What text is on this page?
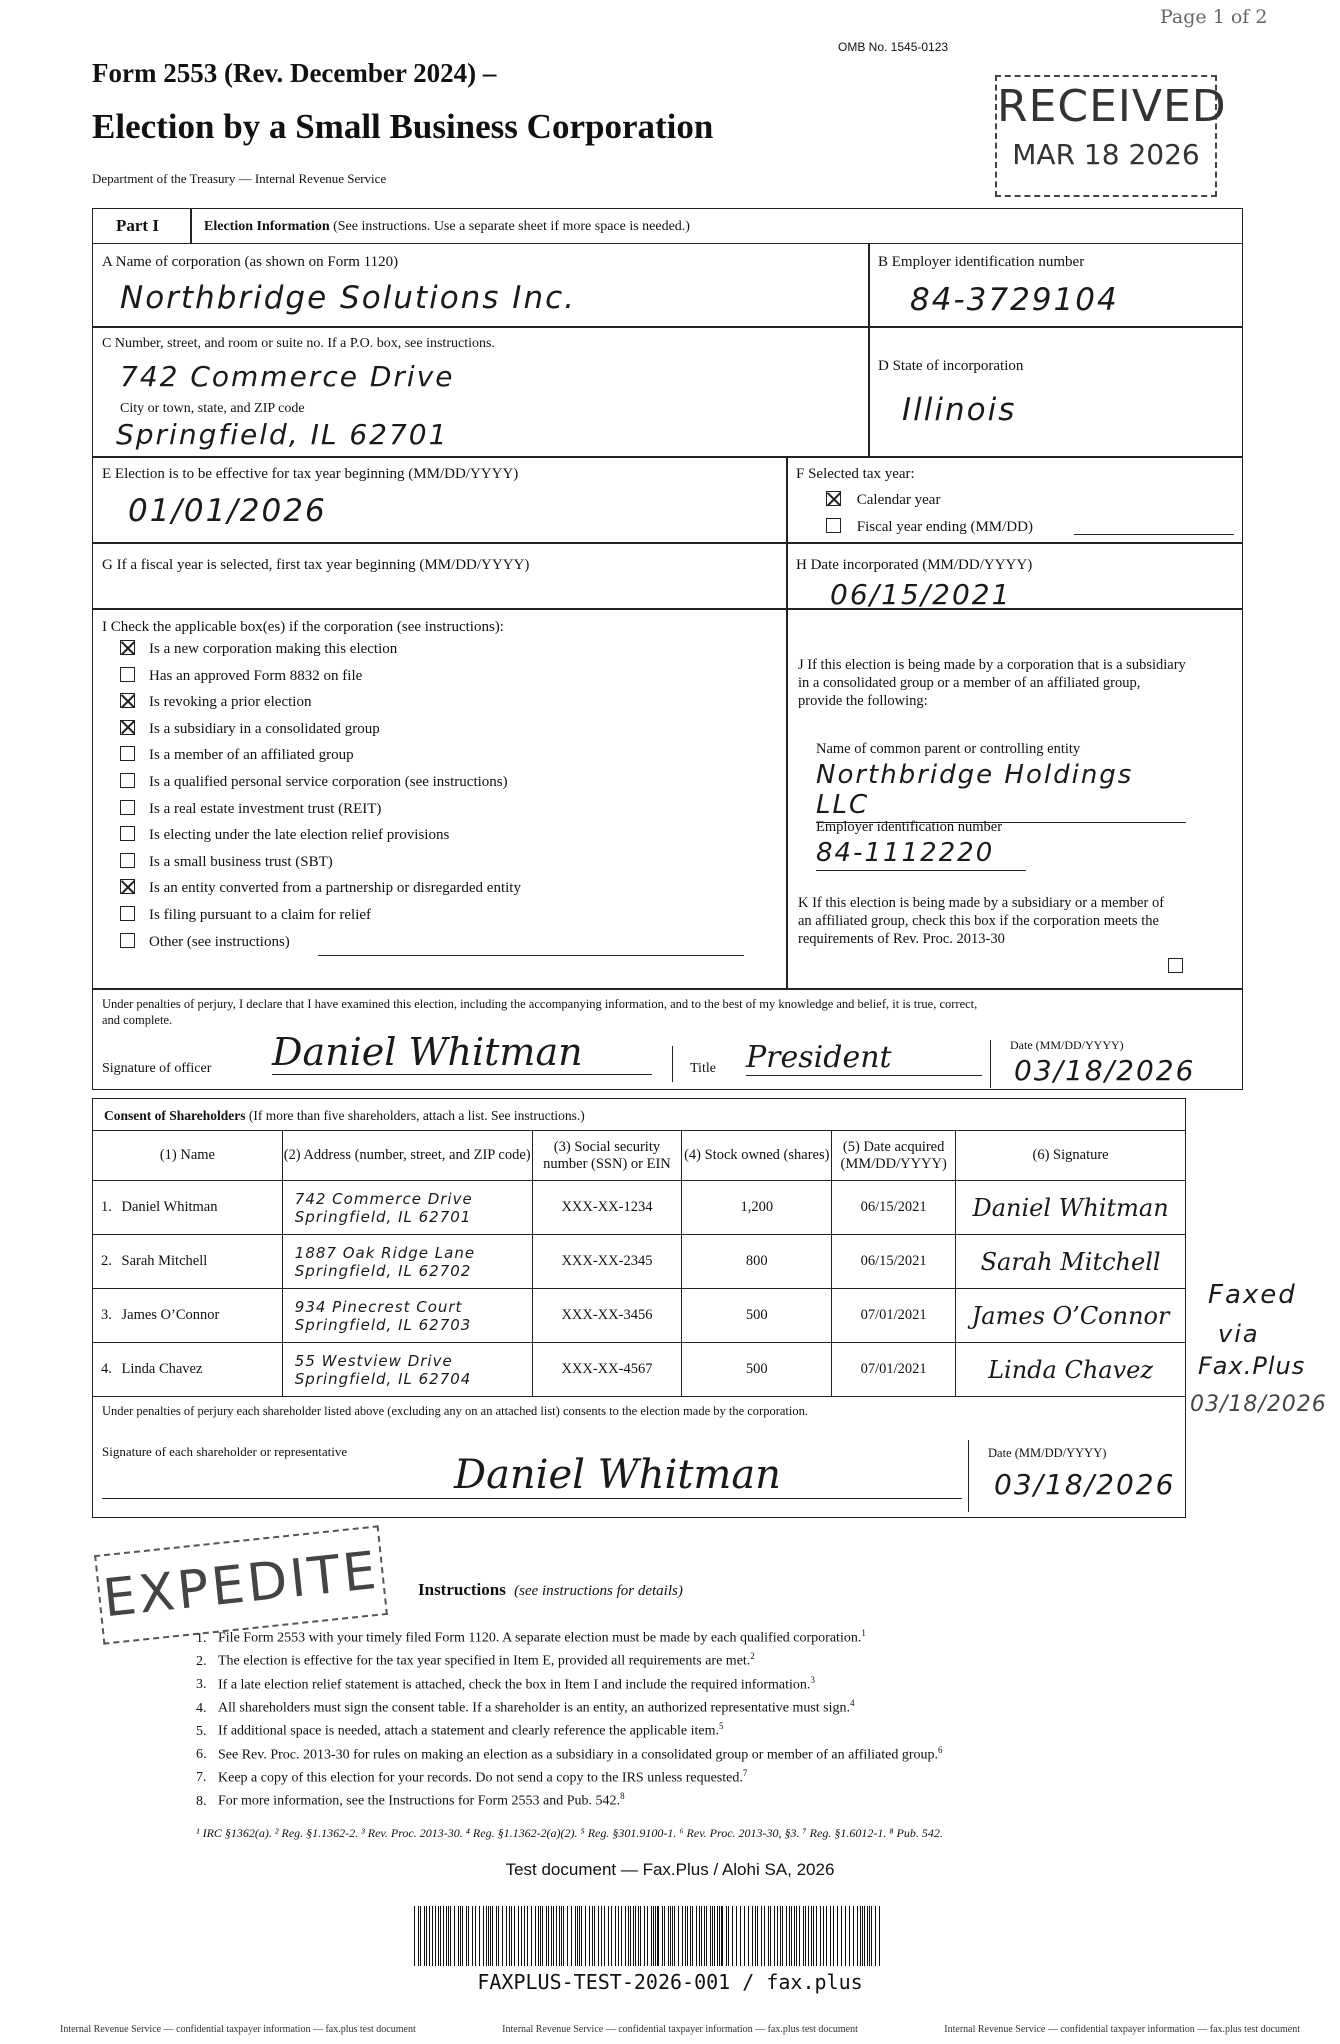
Page 1 of 2
OMB No. 1545-0123
Form 2553 (Rev. December 2024) –
Election by a Small Business Corporation
Department of the Treasury — Internal Revenue Service
RECEIVED
MAR 18 2026
Part I	Election Information (See instructions. Use a separate sheet if more space is needed.)
A Name of corporation (as shown on Form 1120)
Northbridge Solutions Inc.
B Employer identification number
84-3729104
C Number, street, and room or suite no. If a P.O. box, see instructions.
742 Commerce Drive
City or town, state, and ZIP code
Springfield, IL 62701
D State of incorporation
Illinois
E Election is to be effective for tax year beginning (MM/DD/YYYY)
01/01/2026
F Selected tax year:
Calendar year
Fiscal year ending (MM/DD)
G If a fiscal year is selected, first tax year beginning (MM/DD/YYYY)	H Date incorporated (MM/DD/YYYY)
06/15/2021
I Check the applicable box(es) if the corporation (see instructions):
Is a new corporation making this election
Has an approved Form 8832 on file
Is revoking a prior election
Is a subsidiary in a consolidated group
Is a member of an affiliated group
Is a qualified personal service corporation (see instructions)
Is a real estate investment trust (REIT)
Is electing under the late election relief provisions
Is a small business trust (SBT)
Is an entity converted from a partnership or disregarded entity
Is filing pursuant to a claim for relief
Other (see instructions)
J If this election is being made by a corporation that is a subsidiary in a consolidated group or a member of an affiliated group, provide the following:
Name of common parent or controlling entity
Northbridge Holdings LLC
Employer identification number
84-1112220
K If this election is being made by a subsidiary or a member of an affiliated group, check this box if the corporation meets the requirements of Rev. Proc. 2013-30
Under penalties of perjury, I declare that I have examined this election, including the accompanying information, and to the best of my knowledge and belief, it is true, correct, and complete.
Signature of officer Daniel Whitman	Title President	Date (MM/DD/YYYY)
03/18/2026
Consent of Shareholders (If more than five shareholders, attach a list. See instructions.)
(1) Name	(2) Address (number, street, and ZIP code)	(3) Social security number (SSN) or EIN	(4) Stock owned (shares)	(5) Date acquired (MM/DD/YYYY)	(6) Signature
1. Daniel Whitman	742 Commerce Drive
Springfield, IL 62701	XXX-XX-1234	1,200	06/15/2021	Daniel Whitman
2. Sarah Mitchell	1887 Oak Ridge Lane
Springfield, IL 62702	XXX-XX-2345	800	06/15/2021	Sarah Mitchell
3. James O’Connor	934 Pinecrest Court
Springfield, IL 62703	XXX-XX-3456	500	07/01/2021	James O’Connor
4. Linda Chavez	55 Westview Drive
Springfield, IL 62704	XXX-XX-4567	500	07/01/2021	Linda Chavez
Under penalties of perjury each shareholder listed above (excluding any on an attached list) consents to the election made by the corporation.
Signature of each shareholder or representative
Daniel Whitman	Date (MM/DD/YYYY)
03/18/2026
Faxed
via
Fax.Plus
03/18/2026
EXPEDITE Instructions (see instructions for details)
1. File Form 2553 with your timely filed Form 1120. A separate election must be made by each qualified corporation.$^1$
2. The election is effective for the tax year specified in Item E, provided all requirements are met.$^2$
3. If a late election relief statement is attached, check the box in Item I and include the required information.$^3$
4. All shareholders must sign the consent table. If a shareholder is an entity, an authorized representative must sign.$^4$
5. If additional space is needed, attach a statement and clearly reference the applicable item.$^5$
6. See Rev. Proc. 2013-30 for rules on making an election as a subsidiary in a consolidated group or member of an affiliated group.$^6$
7. Keep a copy of this election for your records. Do not send a copy to the IRS unless requested.$^7$
8. For more information, see the Instructions for Form 2553 and Pub. 542.$^8$
¹ IRC §1362(a). ² Reg. §1.1362-2. ³ Rev. Proc. 2013-30. ⁴ Reg. §1.1362-2(a)(2). ⁵ Reg. §301.9100-1. ⁶ Rev. Proc. 2013-30, §3. ⁷ Reg. §1.6012-1. ⁸ Pub. 542.
Test document — Fax.Plus / Alohi SA, 2026
FAXPLUS-TEST-2026-001 / fax.plus
Internal Revenue Service — confidential taxpayer information — fax.plus test document	Internal Revenue Service — confidential taxpayer information — fax.plus test document	Internal Revenue Service — confidential taxpayer information — fax.plus test document
